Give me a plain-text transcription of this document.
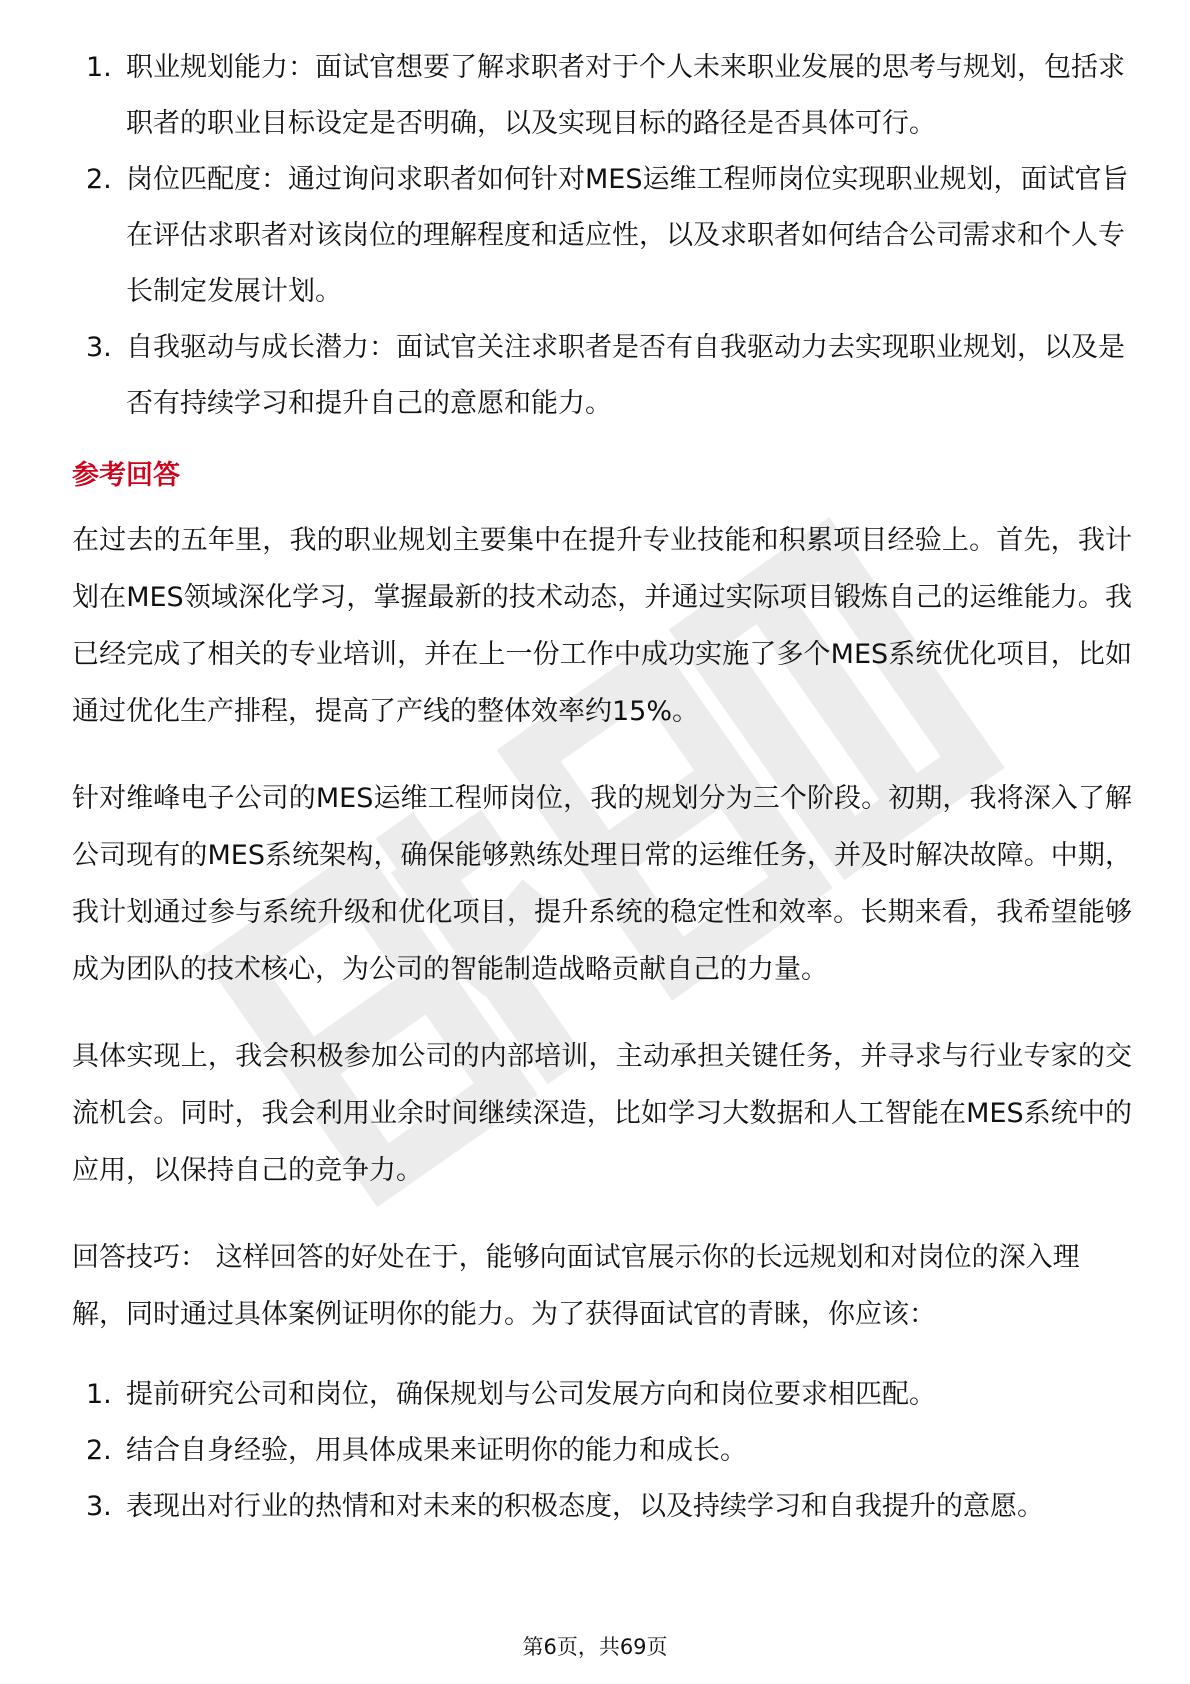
1. 职业规划能力：面试官想要了解求职者对于个人未来职业发展的思考与规划，包括求职者的职业目标设定是否明确，以及实现目标的路径是否具体可行。
2. 岗位匹配度：通过询问求职者如何针对MES运维工程师岗位实现职业规划，面试官旨在评估求职者对该岗位的理解程度和适应性，以及求职者如何结合公司需求和个人专长制定发展计划。
3. 自我驱动与成长潜力：面试官关注求职者是否有自我驱动力去实现职业规划，以及是否有持续学习和提升自己的意愿和能力。
参考回答

在过去的五年里，我的职业规划主要集中在提升专业技能和积累项目经验上。首先，我计划在MES领域深化学习，掌握最新的技术动态，并通过实际项目锻炼自己的运维能力。我已经完成了相关的专业培训，并在上一份工作中成功实施了多个MES系统优化项目，比如通过优化生产排程，提高了产线的整体效率约15%。

针对维峰电子公司的MES运维工程师岗位，我的规划分为三个阶段。初期，我将深入了解公司现有的MES系统架构，确保能够熟练处理日常的运维任务，并及时解决故障。中期，我计划通过参与系统升级和优化项目，提升系统的稳定性和效率。长期来看，我希望能够成为团队的技术核心，为公司的智能制造战略贡献自己的力量。

具体实现上，我会积极参加公司的内部培训，主动承担关键任务，并寻求与行业专家的交流机会。同时，我会利用业余时间继续深造，比如学习大数据和人工智能在MES系统中的应用，以保持自己的竞争力。

回答技巧： 这样回答的好处在于，能够向面试官展示你的长远规划和对岗位的深入理解，同时通过具体案例证明你的能力。为了获得面试官的青睐，你应该：

1. 提前研究公司和岗位，确保规划与公司发展方向和岗位要求相匹配。
2. 结合自身经验，用具体成果来证明你的能力和成长。
3. 表现出对行业的热情和对未来的积极态度，以及持续学习和自我提升的意愿。
第6页，共69页
